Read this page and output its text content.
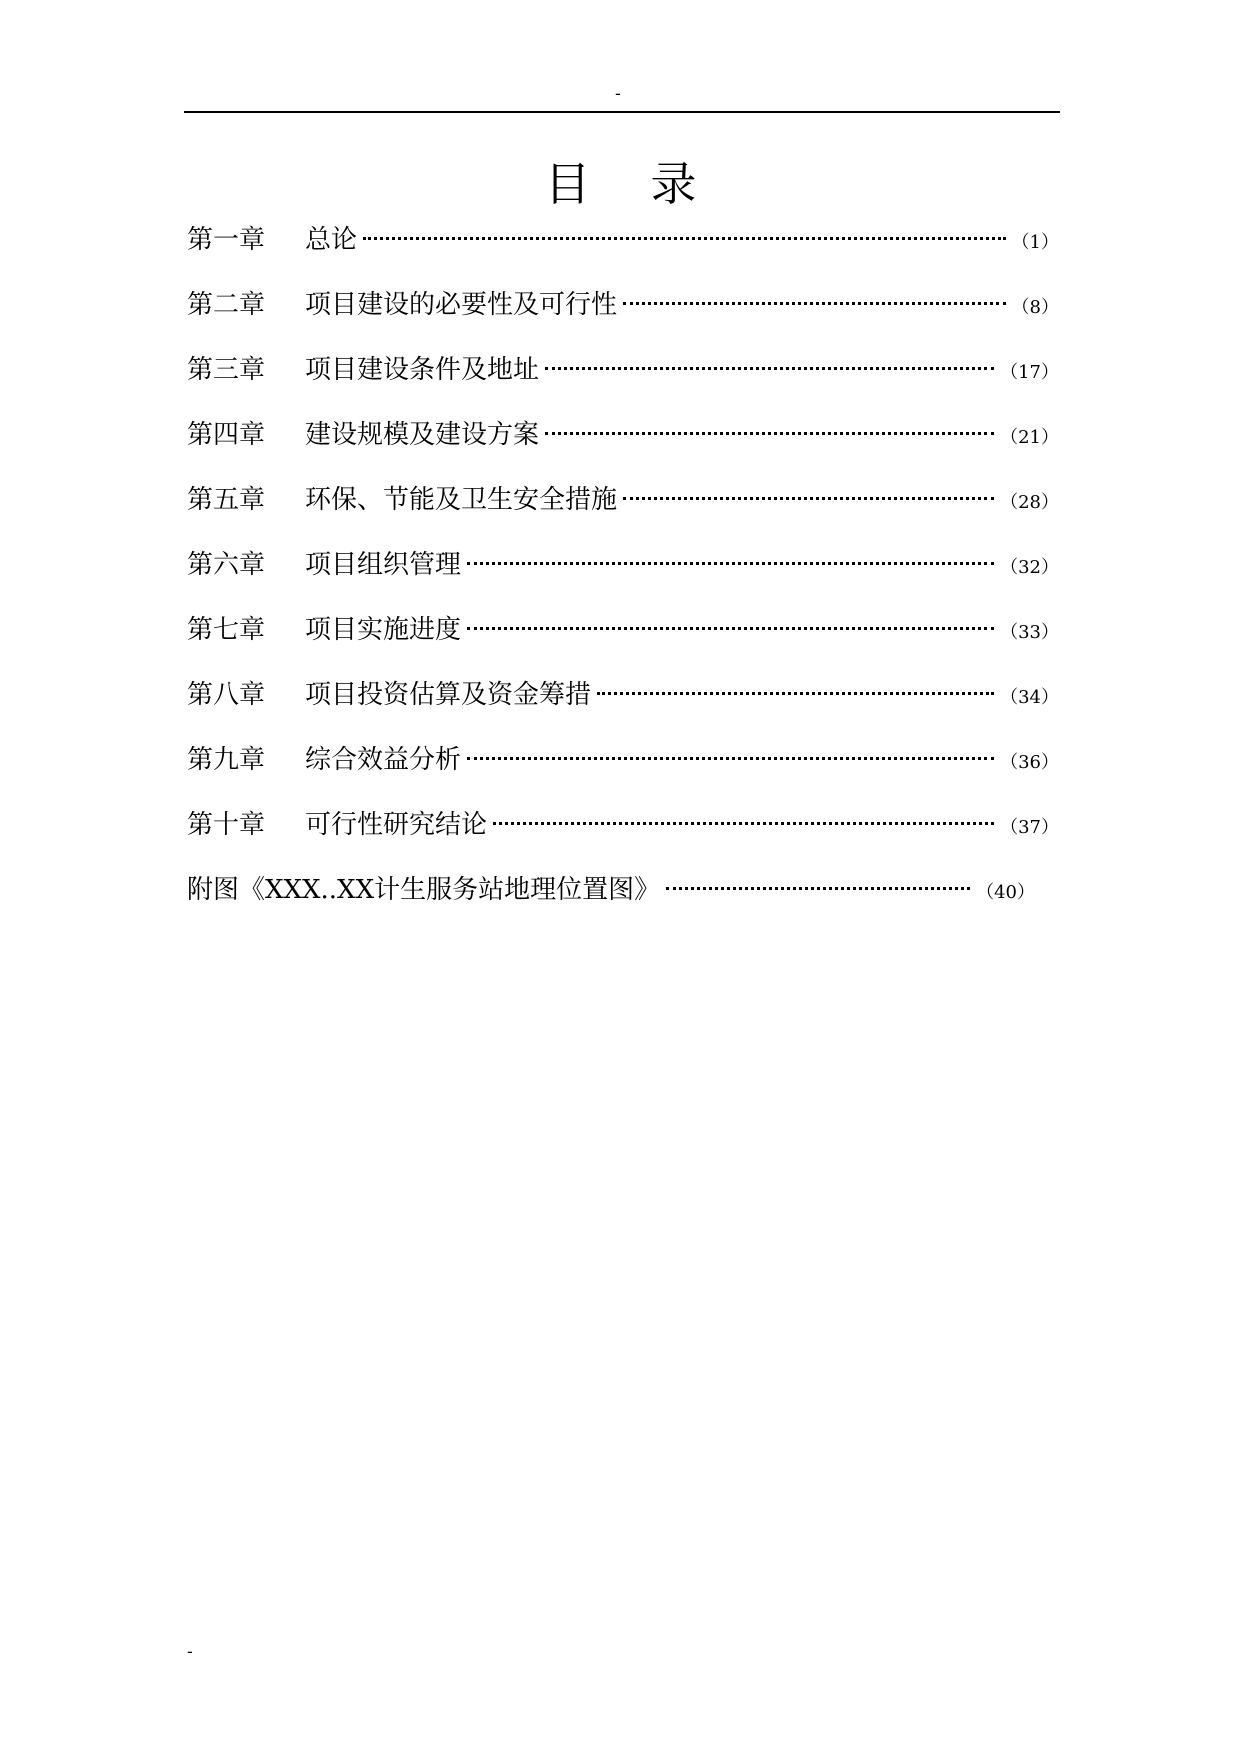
-
目录
第一章	总论	（1）
第二章	项目建设的必要性及可行性	（8）
第三章	项目建设条件及地址	（17）
第四章	建设规模及建设方案	（21）
第五章	环保、节能及卫生安全措施	（28）
第六章	项目组织管理	（32）
第七章	项目实施进度	（33）
第八章	项目投资估算及资金筹措	（34）
第九章	综合效益分析	（36）
第十章	可行性研究结论	（37）
附图《XXX..XX计生服务站地理位置图》	（40）
-
